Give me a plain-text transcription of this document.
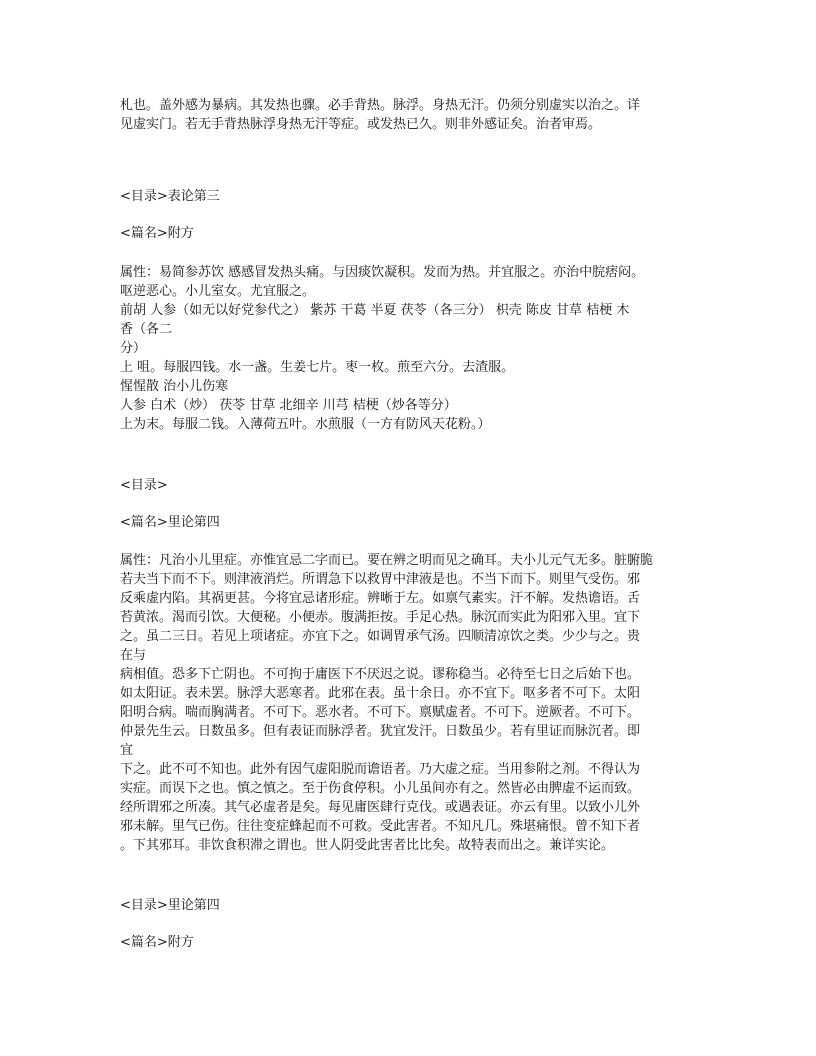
札也。盖外感为暴病。其发热也骤。必手背热。脉浮。身热无汗。仍须分别虚实以治之。详
见虚实门。若无手背热脉浮身热无汗等症。或发热已久。则非外感证矣。治者审焉。
<目录>表论第三
<篇名>附方
属性：易简参苏饮 感感冒发热头痛。与因痰饮凝积。发而为热。并宜服之。亦治中脘痞闷。
呕逆恶心。小儿室女。尤宜服之。
前胡 人参（如无以好党参代之） 紫苏 干葛 半夏 茯苓（各三分） 枳壳 陈皮 甘草 桔梗 木
香（各二
分）
上 咀。每服四钱。水一盏。生姜七片。枣一枚。煎至六分。去渣服。
惺惺散 治小儿伤寒
人参 白术（炒） 茯苓 甘草 北细辛 川芎 桔梗（炒各等分）
上为末。每服二钱。入薄荷五叶。水煎服（一方有防风天花粉。）
<目录>
<篇名>里论第四
属性：凡治小儿里症。亦惟宜忌二字而已。要在辨之明而见之确耳。夫小儿元气无多。脏腑脆
若夫当下而不下。则津液消烂。所谓急下以救胃中津液是也。不当下而下。则里气受伤。邪
反乘虚内陷。其祸更甚。今将宜忌诸形症。辨晰于左。如禀气素实。汗不解。发热谵语。舌
苔黄浓。渴而引饮。大便秘。小便赤。腹满拒按。手足心热。脉沉而实此为阳邪入里。宜下
之。虽二三日。若见上项诸症。亦宜下之。如调胃承气汤。四顺清凉饮之类。少少与之。贵
在与
病相值。恐多下亡阴也。不可拘于庸医下不厌迟之说。谬称稳当。必待至七日之后始下也。
如太阳证。表未罢。脉浮大恶寒者。此邪在表。虽十余日。亦不宜下。呕多者不可下。太阳
阳明合病。喘而胸满者。不可下。恶水者。不可下。禀赋虚者。不可下。逆厥者。不可下。
仲景先生云。日数虽多。但有表证而脉浮者。犹宜发汗。日数虽少。若有里证而脉沉者。即
宜
下之。此不可不知也。此外有因气虚阳脱而谵语者。乃大虚之症。当用参附之剂。不得认为
实症。而误下之也。慎之慎之。至于伤食停积。小儿虽间亦有之。然皆必由脾虚不运而致。
经所谓邪之所凑。其气必虚者是矣。每见庸医肆行克伐。或遇表证。亦云有里。以致小儿外
邪未解。里气已伤。往往变症蜂起而不可救。受此害者。不知凡几。殊堪痛恨。曾不知下者
。下其邪耳。非饮食积滞之谓也。世人阴受此害者比比矣。故特表而出之。兼详实论。
<目录>里论第四
<篇名>附方
